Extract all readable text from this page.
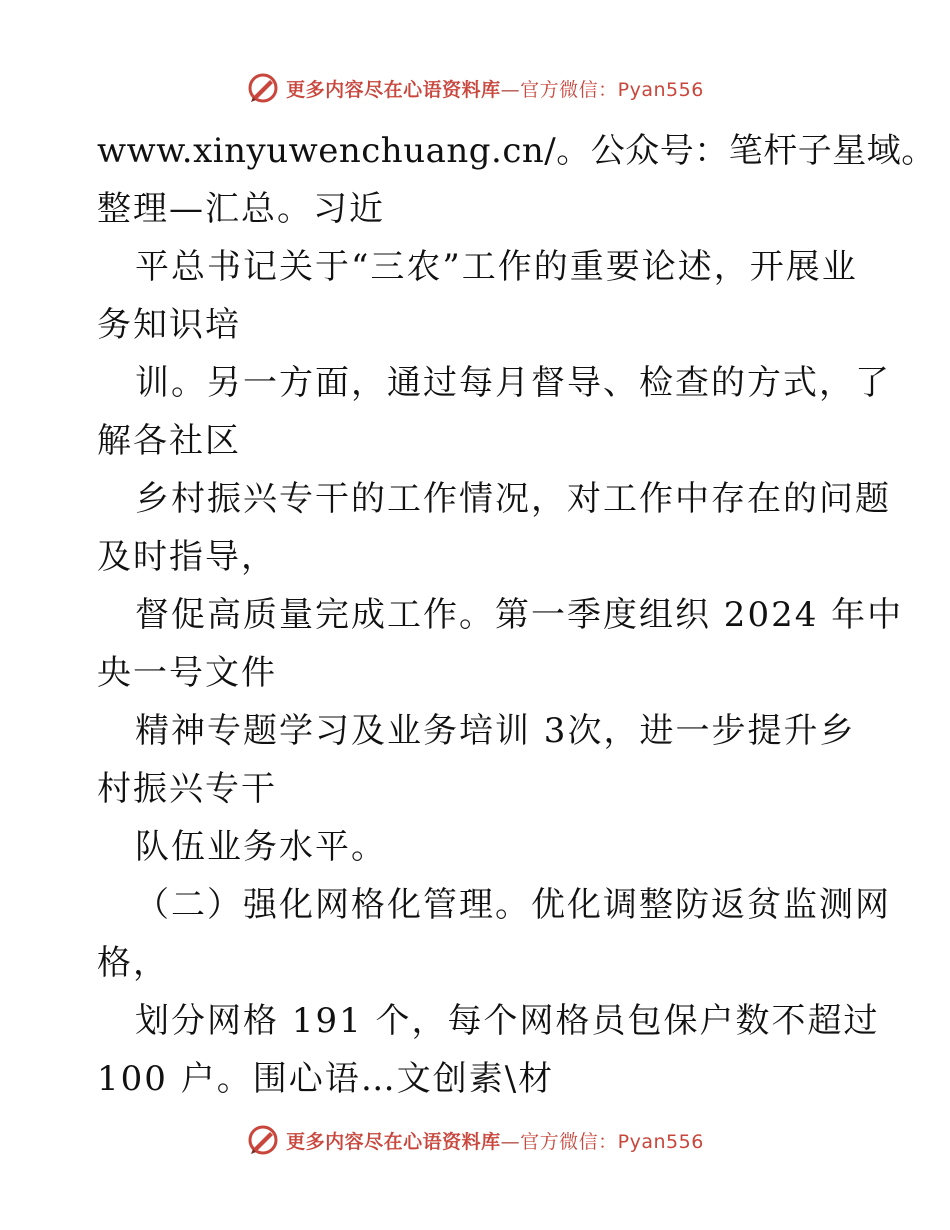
更多内容尽在心语资料库—官方微信：Pyan556
www.xinyuwenchuang.cn/。公众号：笔杆子星域。
整理—汇总。习近
平总书记关于“三农”工作的重要论述，开展业
务知识培
训。另一方面，通过每月督导、检查的方式，了
解各社区
乡村振兴专干的工作情况，对工作中存在的问题
及时指导，
督促高质量完成工作。第一季度组织 2024 年中
央一号文件
精神专题学习及业务培训 3次，进一步提升乡
村振兴专干
队伍业务水平。
（二）强化网格化管理。优化调整防返贫监测网
格，
划分网格 191 个，每个网格员包保户数不超过
100 户。围心语…文创素\材
更多内容尽在心语资料库—官方微信：Pyan556
